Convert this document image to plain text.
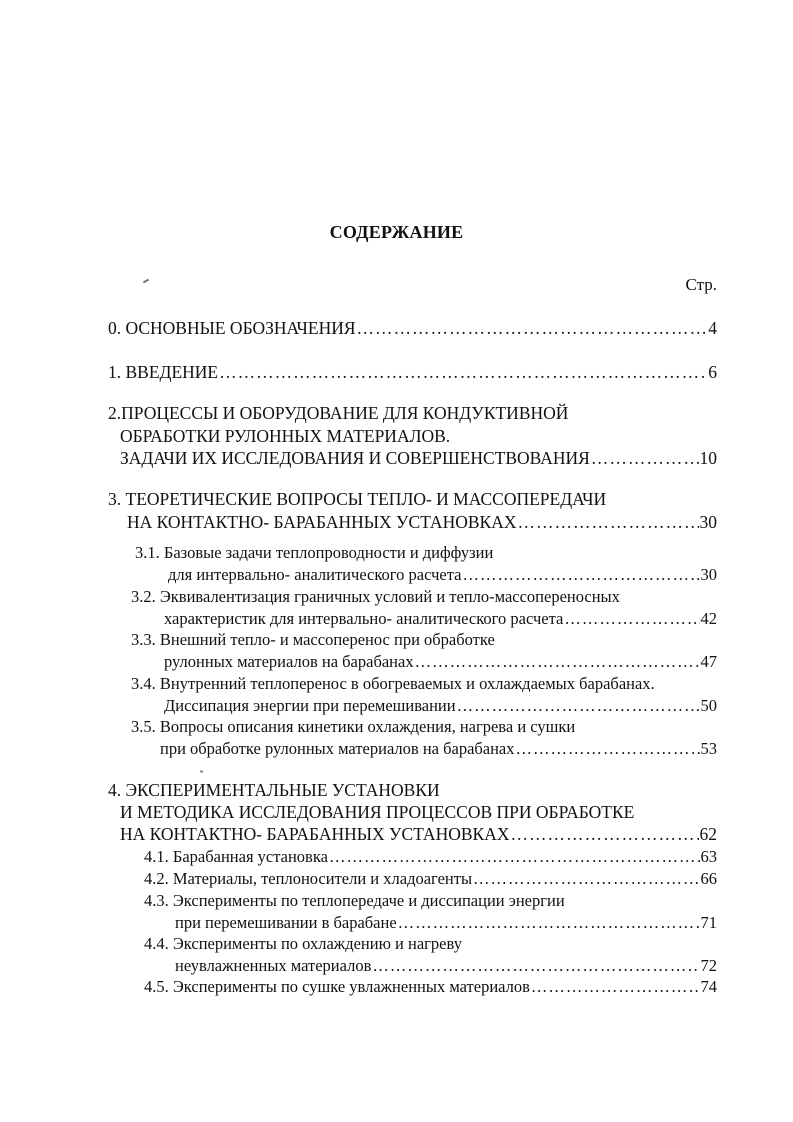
СОДЕРЖАНИЕ
Стр.
0. ОСНОВНЫЕ ОБОЗНАЧЕНИЯ …………………………………………………………………………………………………………………………………………………………………………	4
1. ВВЕДЕНИЕ …………………………………………………………………………………………………………………………………………………………………………	6
2.ПРОЦЕССЫ И ОБОРУДОВАНИЕ ДЛЯ КОНДУКТИВНОЙ
ОБРАБОТКИ РУЛОННЫХ МАТЕРИАЛОВ.
ЗАДАЧИ ИХ ИССЛЕДОВАНИЯ И СОВЕРШЕНСТВОВАНИЯ …………………………………………………………………………………………………………………………………………………………………………	10
3. ТЕОРЕТИЧЕСКИЕ ВОПРОСЫ ТЕПЛО- И МАССОПЕРЕДАЧИ
НА КОНТАКТНО- БАРАБАННЫХ УСТАНОВКАХ …………………………………………………………………………………………………………………………………………………………………………	30
3.1. Базовые задачи теплопроводности и диффузии
для интервально- аналитического расчета …………………………………………………………………………………………………………………………………………………………………………	30
3.2. Эквивалентизация граничных условий и тепло-массопереносных
характеристик для интервально- аналитического расчета …………………………………………………………………………………………………………………………………………………………………………	42
3.3. Внешний тепло- и массоперенос при обработке
рулонных материалов на барабанах …………………………………………………………………………………………………………………………………………………………………………	47
3.4. Внутренний теплоперенос в обогреваемых и охлаждаемых барабанах.
Диссипация энергии при перемешивании …………………………………………………………………………………………………………………………………………………………………………	50
3.5. Вопросы описания кинетики охлаждения, нагрева и сушки
при обработке рулонных материалов на барабанах …………………………………………………………………………………………………………………………………………………………………………	53
4. ЭКСПЕРИМЕНТАЛЬНЫЕ УСТАНОВКИ
И МЕТОДИКА ИССЛЕДОВАНИЯ ПРОЦЕССОВ ПРИ ОБРАБОТКЕ
НА КОНТАКТНО- БАРАБАННЫХ УСТАНОВКАХ …………………………………………………………………………………………………………………………………………………………………………	62
4.1. Барабанная установка …………………………………………………………………………………………………………………………………………………………………………	63
4.2. Материалы, теплоносители и хладоагенты …………………………………………………………………………………………………………………………………………………………………………	66
4.3. Эксперименты по теплопередаче и диссипации энергии
при перемешивании в барабане …………………………………………………………………………………………………………………………………………………………………………	71
4.4. Эксперименты по охлаждению и нагреву
неувлажненных материалов …………………………………………………………………………………………………………………………………………………………………………	72
4.5. Эксперименты по сушке увлажненных материалов …………………………………………………………………………………………………………………………………………………………………………	74
